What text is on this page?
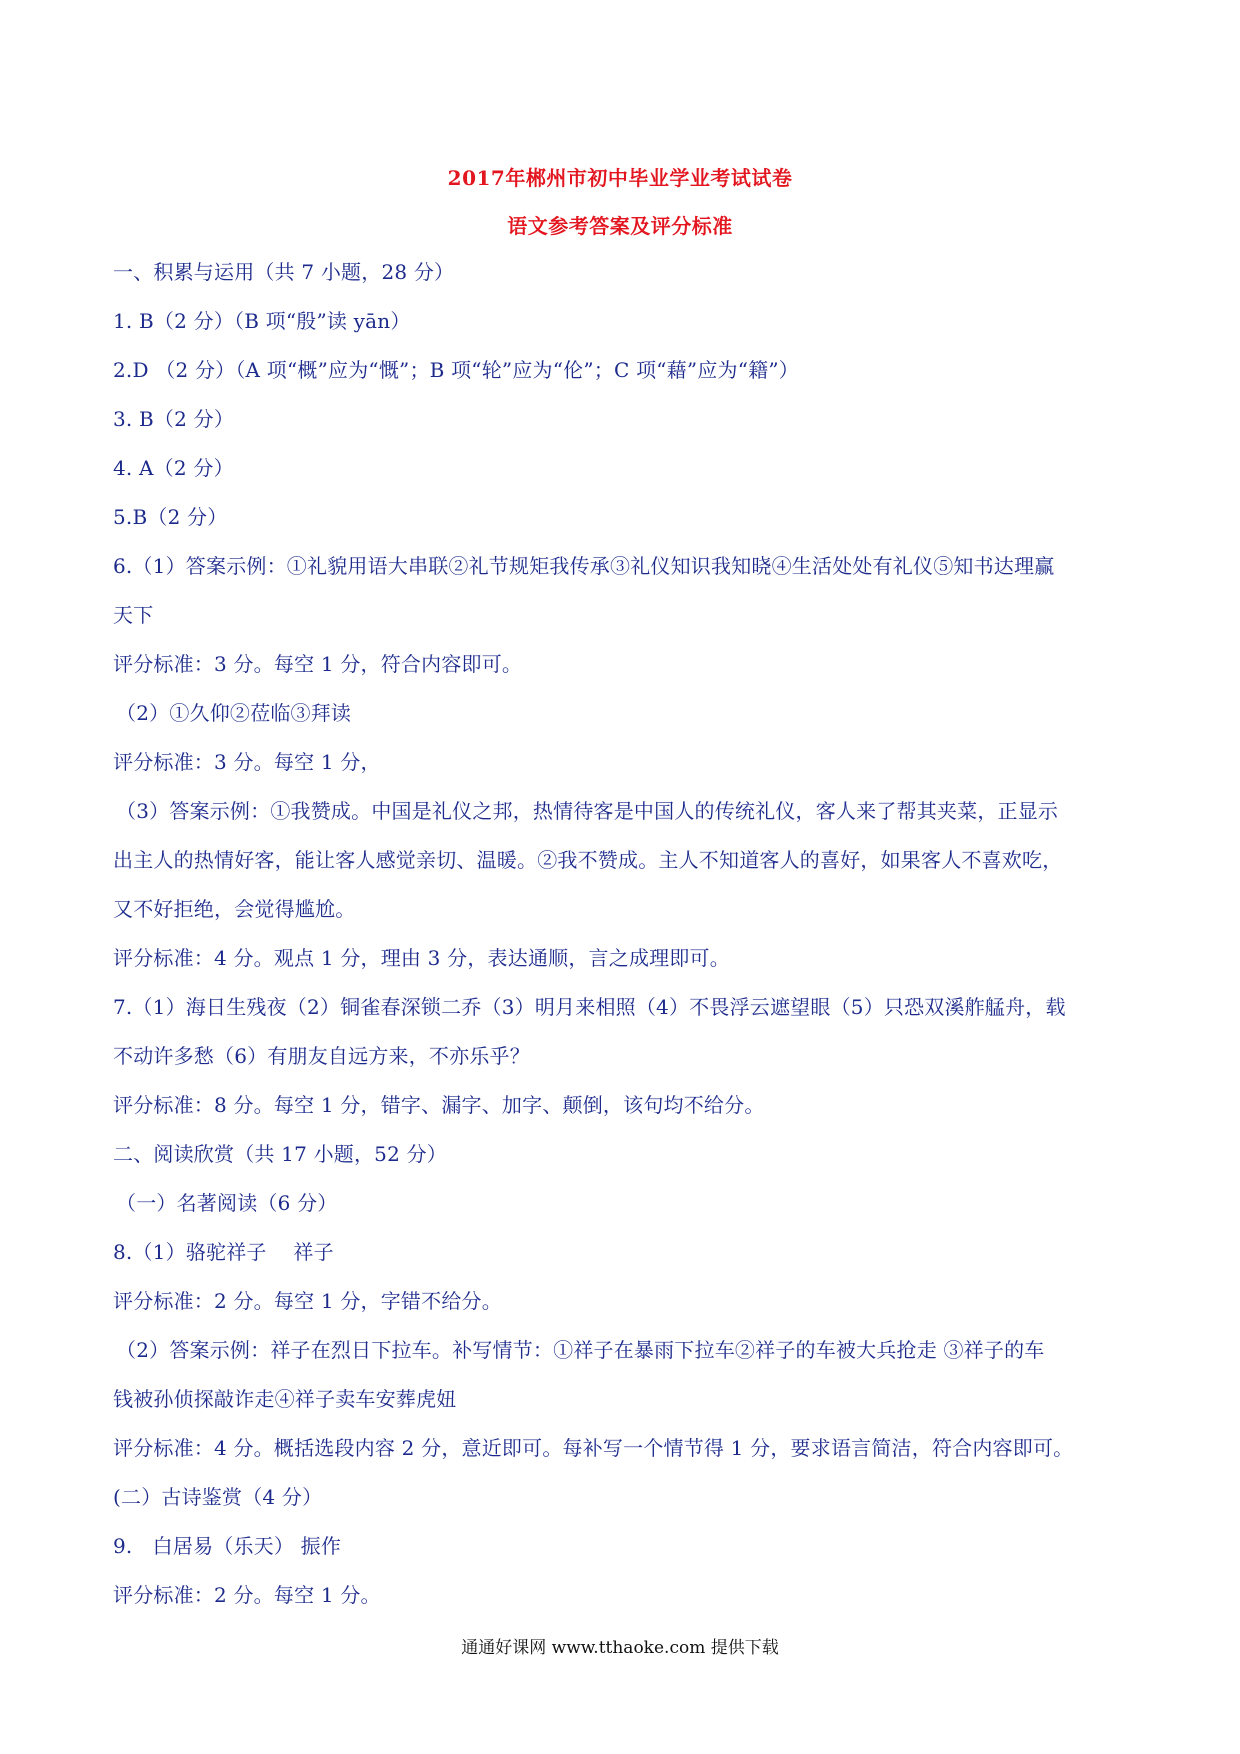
2017年郴州市初中毕业学业考试试卷
语文参考答案及评分标准
一、积累与运用（共 7 小题，28 分）
1. B（2 分）（B 项“殷”读 yān）
2.D （2 分）（A 项“概”应为“慨”；B 项“轮”应为“伦”；C 项“藉”应为“籍”）
3. B（2 分）
4. A（2 分）
5.B（2 分）
6.（1）答案示例：①礼貌用语大串联②礼节规矩我传承③礼仪知识我知晓④生活处处有礼仪⑤知书达理赢
天下
评分标准：3 分。每空 1 分，符合内容即可。
（2）①久仰②莅临③拜读
评分标准：3 分。每空 1 分，
（3）答案示例：①我赞成。中国是礼仪之邦，热情待客是中国人的传统礼仪，客人来了帮其夹菜，正显示
出主人的热情好客，能让客人感觉亲切、温暖。②我不赞成。主人不知道客人的喜好，如果客人不喜欢吃，
又不好拒绝，会觉得尴尬。
评分标准：4 分。观点 1 分，理由 3 分，表达通顺，言之成理即可。
7.（1）海日生残夜（2）铜雀春深锁二乔（3）明月来相照（4）不畏浮云遮望眼（5）只恐双溪舴艋舟，载
不动许多愁（6）有朋友自远方来，不亦乐乎？
评分标准：8 分。每空 1 分，错字、漏字、加字、颠倒，该句均不给分。
二、阅读欣赏（共 17 小题，52 分）
（一）名著阅读（6 分）
8.（1）骆驼祥子　 祥子
评分标准：2 分。每空 1 分，字错不给分。
（2）答案示例：祥子在烈日下拉车。补写情节：①祥子在暴雨下拉车②祥子的车被大兵抢走 ③祥子的车
钱被孙侦探敲诈走④祥子卖车安葬虎妞
评分标准：4 分。概括选段内容 2 分，意近即可。每补写一个情节得 1 分，要求语言简洁，符合内容即可。
(二）古诗鉴赏（4 分）
9.　白居易（乐天） 振作
评分标准：2 分。每空 1 分。
通通好课网 www.tthaoke.com 提供下载
